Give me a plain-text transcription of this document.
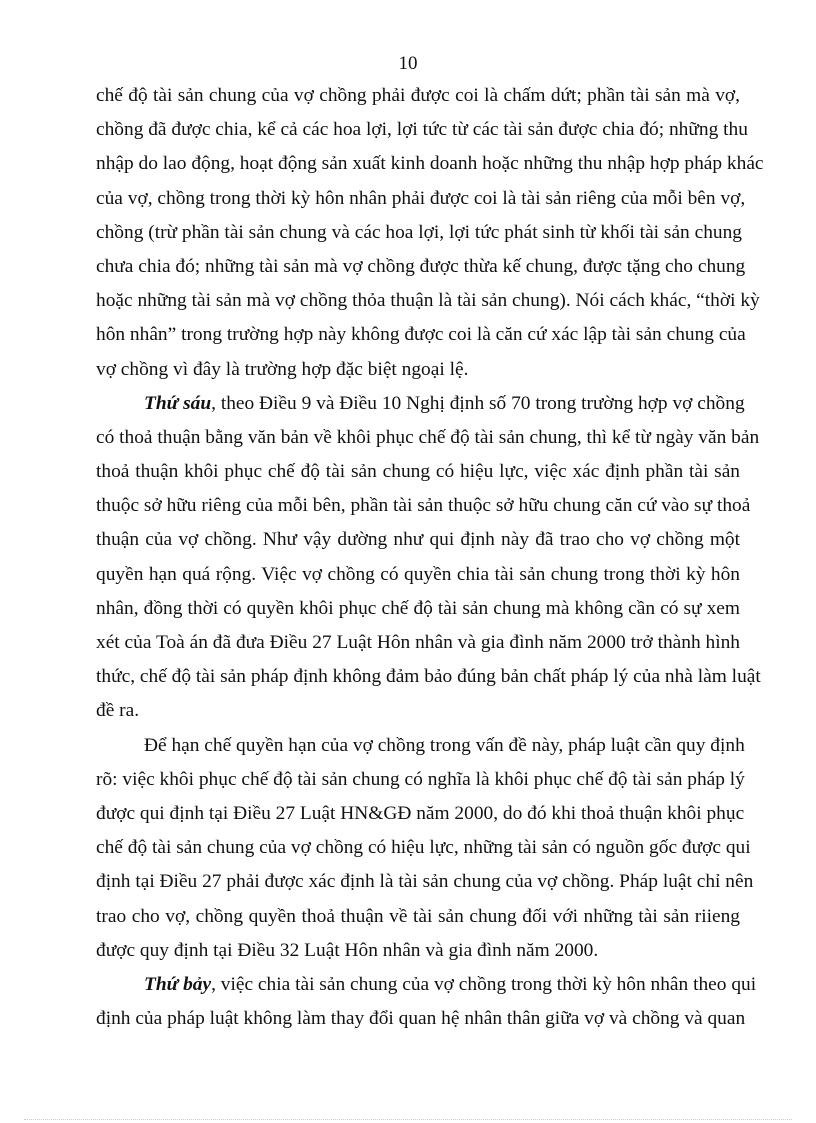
10
chế độ tài sản chung của vợ chồng phải được coi là chấm dứt; phần tài sản mà vợ,
chồng đã được chia, kể cả các hoa lợi, lợi tức từ các tài sản được chia đó; những thu
nhập do lao động, hoạt động sản xuất kinh doanh hoặc những thu nhập hợp pháp khác
của vợ, chồng trong thời kỳ hôn nhân phải được coi là tài sản riêng của mỗi bên vợ,
chồng (trừ phần tài sản chung và các hoa lợi, lợi tức phát sinh từ khối tài sản chung
chưa chia đó; những tài sản mà vợ chồng được thừa kế chung, được tặng cho chung
hoặc những tài sản mà vợ chồng thỏa thuận là tài sản chung). Nói cách khác, “thời kỳ
hôn nhân” trong trường hợp này không được coi là căn cứ xác lập tài sản chung của
vợ chồng vì đây là trường hợp đặc biệt ngoại lệ.
Thứ sáu, theo Điều 9 và Điều 10 Nghị định số 70 trong trường hợp vợ chồng
có thoả thuận bằng văn bản về khôi phục chế độ tài sản chung, thì kể từ ngày văn bản
thoả thuận khôi phục chế độ tài sản chung có hiệu lực, việc xác định phần tài sản
thuộc sở hữu riêng của mỗi bên, phần tài sản thuộc sở hữu chung căn cứ vào sự thoả
thuận của vợ chồng. Như vậy dường như qui định này đã trao cho vợ chồng một
quyền hạn quá rộng. Việc vợ chồng có quyền chia tài sản chung trong thời kỳ hôn
nhân, đồng thời có quyền khôi phục chế độ tài sản chung mà không cần có sự xem
xét của Toà án đã đưa Điều 27 Luật Hôn nhân và gia đình năm 2000 trở thành hình
thức, chế độ tài sản pháp định không đảm bảo đúng bản chất pháp lý của nhà làm luật
đề ra.
Để hạn chế quyền hạn của vợ chồng trong vấn đề này, pháp luật cần quy định
rõ: việc khôi phục chế độ tài sản chung có nghĩa là khôi phục chế độ tài sản pháp lý
được qui định tại Điều 27 Luật HN&GĐ năm 2000, do đó khi thoả thuận khôi phục
chế độ tài sản chung của vợ chồng có hiệu lực, những tài sản có nguồn gốc được qui
định tại Điều 27 phải được xác định là tài sản chung của vợ chồng. Pháp luật chỉ nên
trao cho vợ, chồng quyền thoả thuận về tài sản chung đối với những tài sản riieng
được quy định tại Điều 32 Luật Hôn nhân và gia đình năm 2000.
Thứ bảy, việc chia tài sản chung của vợ chồng trong thời kỳ hôn nhân theo qui
định của pháp luật không làm thay đổi quan hệ nhân thân giữa vợ và chồng và quan
